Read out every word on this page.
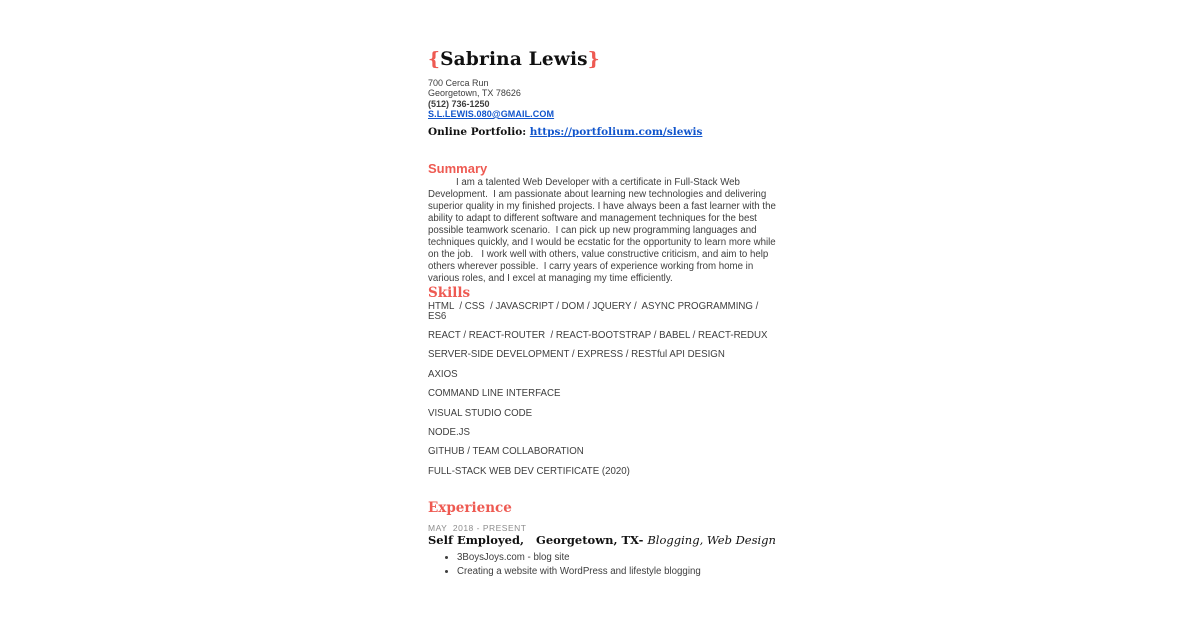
{Sabrina Lewis}
700 Cerca Run
Georgetown, TX 78626
(512) 736-1250
S.L.LEWIS.080@GMAIL.COM
Online Portfolio: https://portfolium.com/slewis
Summary

I am a talented Web Developer with a certificate in Full-Stack Web Development.  I am passionate about learning new technologies and delivering superior quality in my finished projects. I have always been a fast learner with the ability to adapt to different software and management techniques for the best possible teamwork scenario.  I can pick up new programming languages and techniques quickly, and I would be ecstatic for the opportunity to learn more while on the job.   I work well with others, value constructive criticism, and aim to help others wherever possible.  I carry years of experience working from home in various roles, and I excel at managing my time efficiently.

Skills
HTML  / CSS  / JAVASCRIPT / DOM / JQUERY /  ASYNC PROGRAMMING / ES6
REACT / REACT-ROUTER  / REACT-BOOTSTRAP / BABEL / REACT-REDUX
SERVER-SIDE DEVELOPMENT / EXPRESS / RESTful API DESIGN
AXIOS
COMMAND LINE INTERFACE
VISUAL STUDIO CODE
NODE.JS
GITHUB / TEAM COLLABORATION
FULL-STACK WEB DEV CERTIFICATE (2020)
Experience
MAY  2018 - PRESENT
Self Employed,   Georgetown, TX- Blogging, Web Design
• 3BoysJoys.com - blog site
• Creating a website with WordPress and lifestyle blogging
